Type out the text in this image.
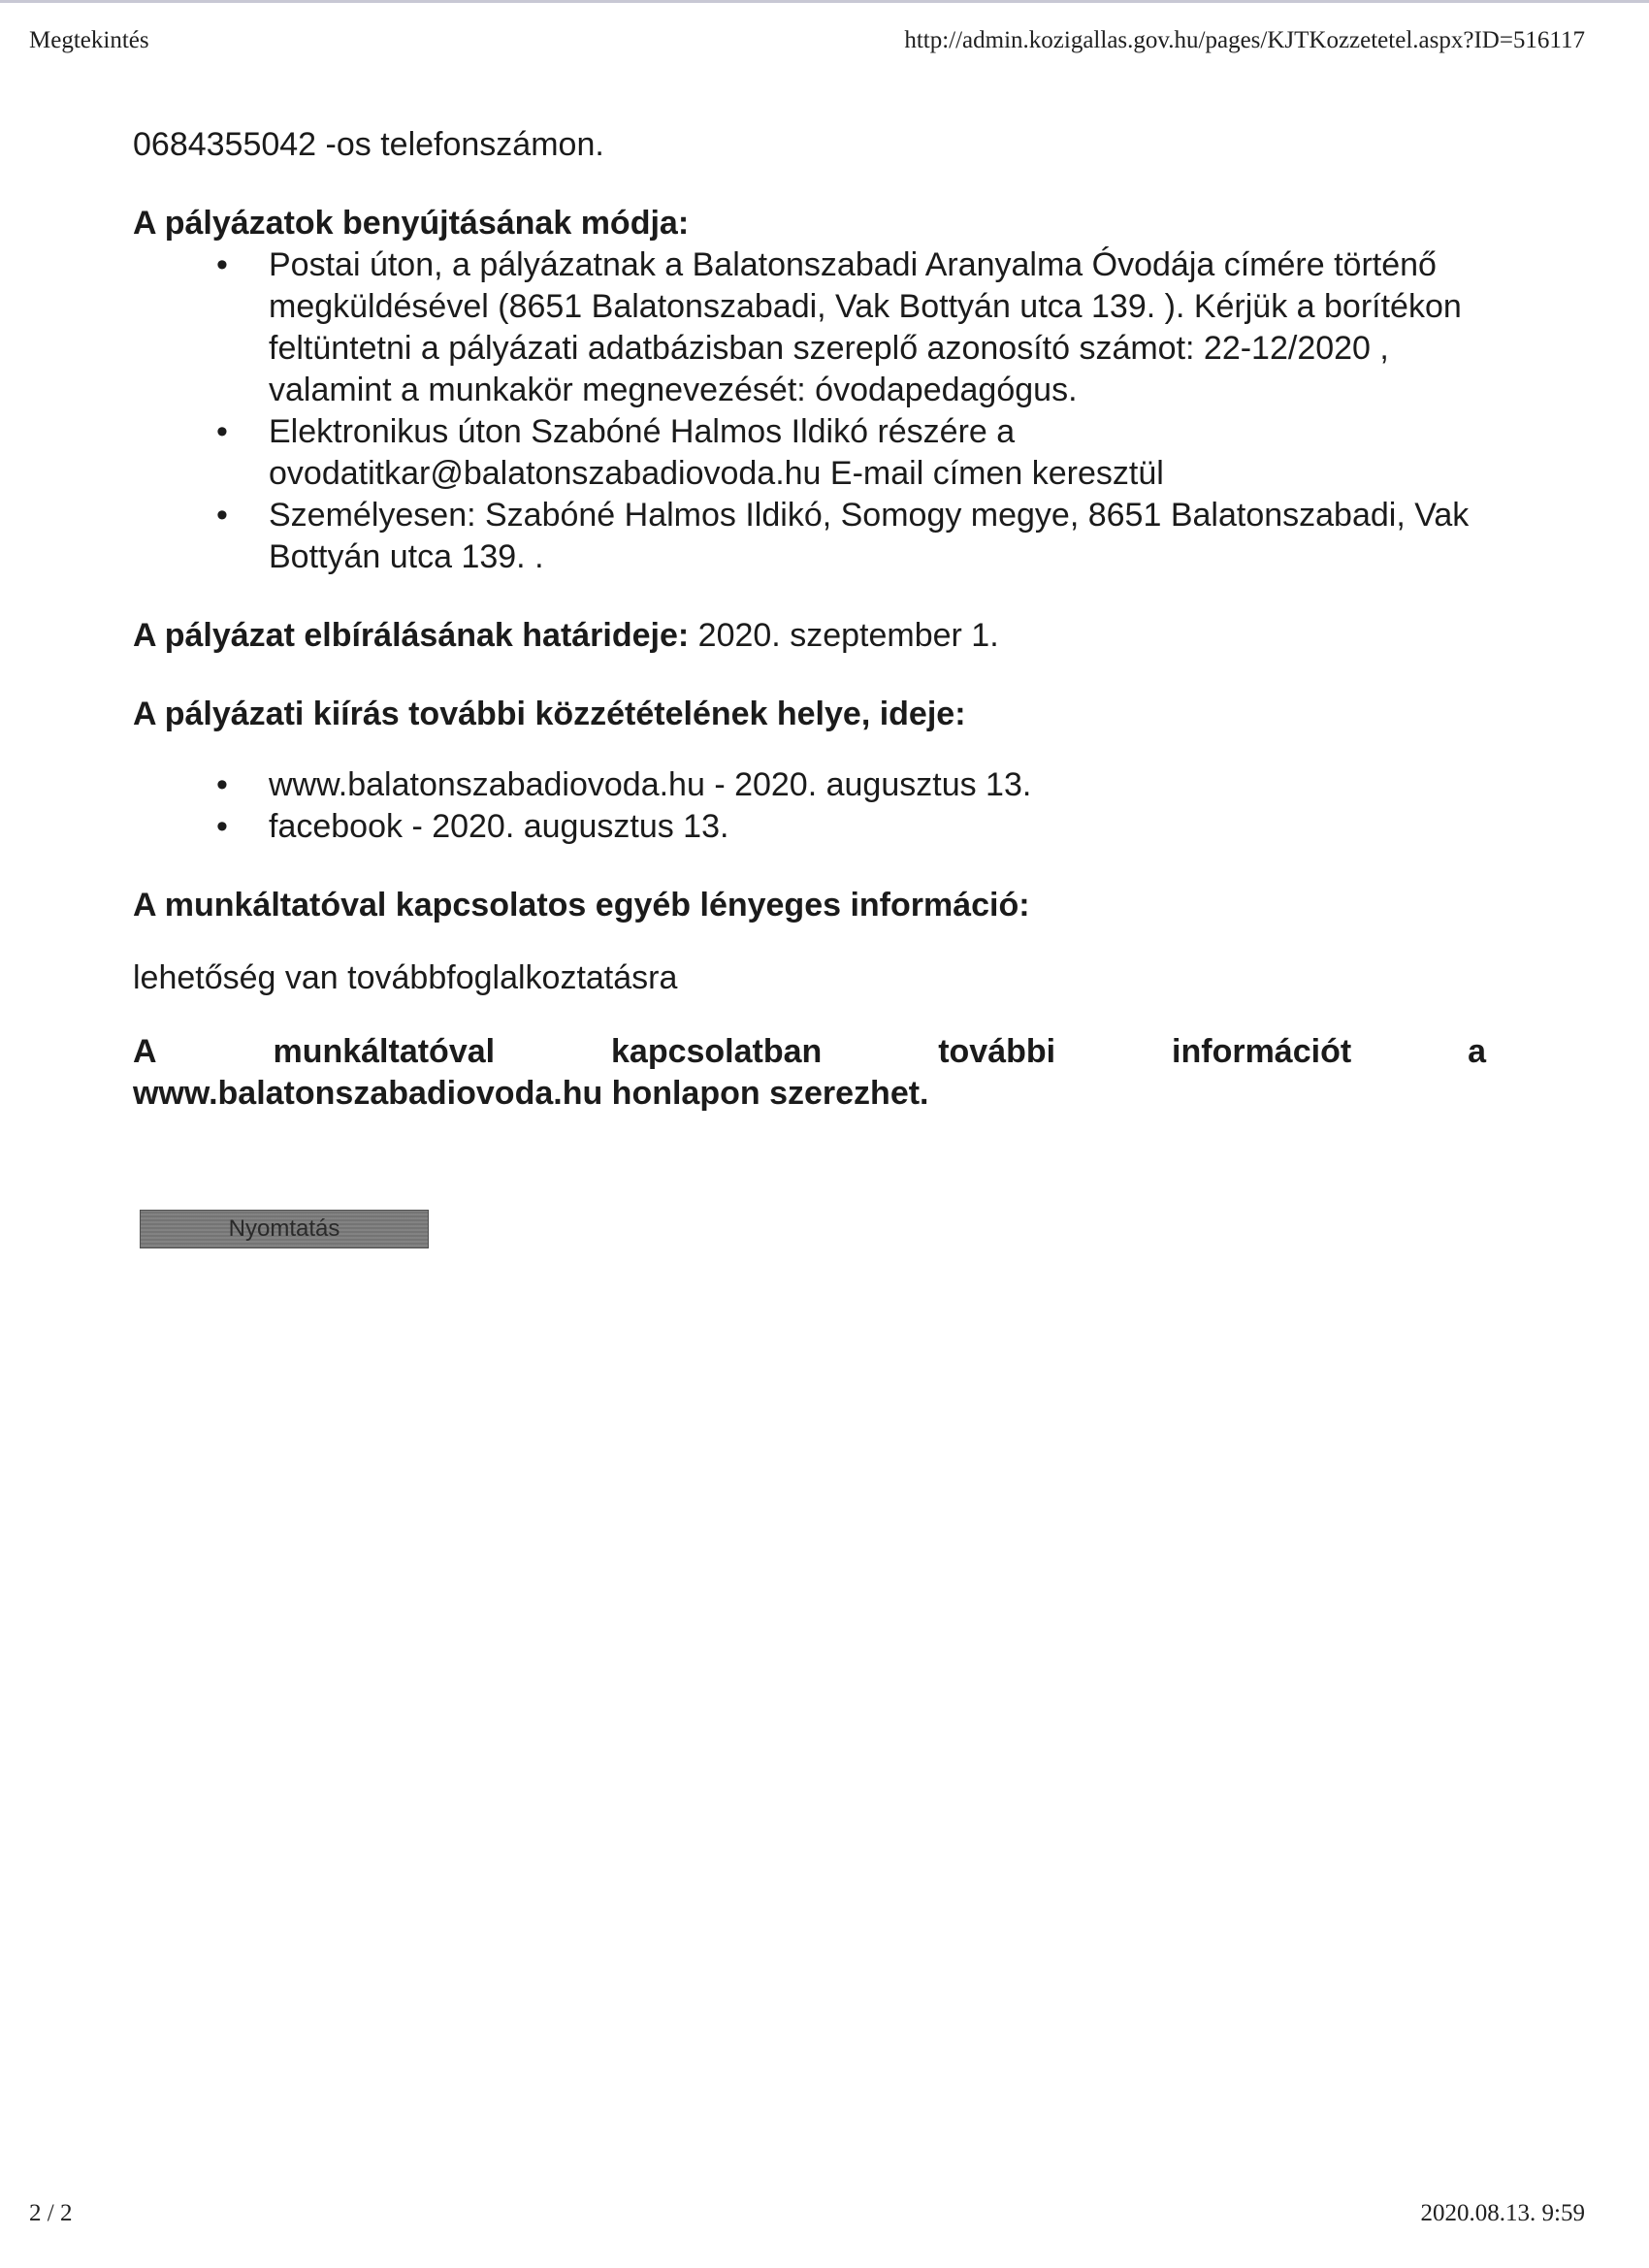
Megtekintés	http://admin.kozigallas.gov.hu/pages/KJTKozzetetel.aspx?ID=516117

0684355042 -os telefonszámon.

A pályázatok benyújtásának módja:

• Postai úton, a pályázatnak a Balatonszabadi Aranyalma Óvodája címére történő megküldésével (8651 Balatonszabadi, Vak Bottyán utca 139. ). Kérjük a borítékon feltüntetni a pályázati adatbázisban szereplő azonosító számot: 22-12/2020 , valamint a munkakör megnevezését: óvodapedagógus.
• Elektronikus úton Szabóné Halmos Ildikó részére a ovodatitkar@balatonszabadiovoda.hu E-mail címen keresztül
• Személyesen: Szabóné Halmos Ildikó, Somogy megye, 8651 Balatonszabadi, Vak Bottyán utca 139. .

A pályázat elbírálásának határideje: 2020. szeptember 1.

A pályázati kiírás további közzétételének helye, ideje:

• www.balatonszabadiovoda.hu - 2020. augusztus 13.
• facebook - 2020. augusztus 13.

A munkáltatóval kapcsolatos egyéb lényeges információ:

lehetőség van továbbfoglalkoztatásra

A	munkáltatóval	kapcsolatban	további	információt	a
www.balatonszabadiovoda.hu honlapon szerezhet.
Nyomtatás
2 / 2	2020.08.13. 9:59
